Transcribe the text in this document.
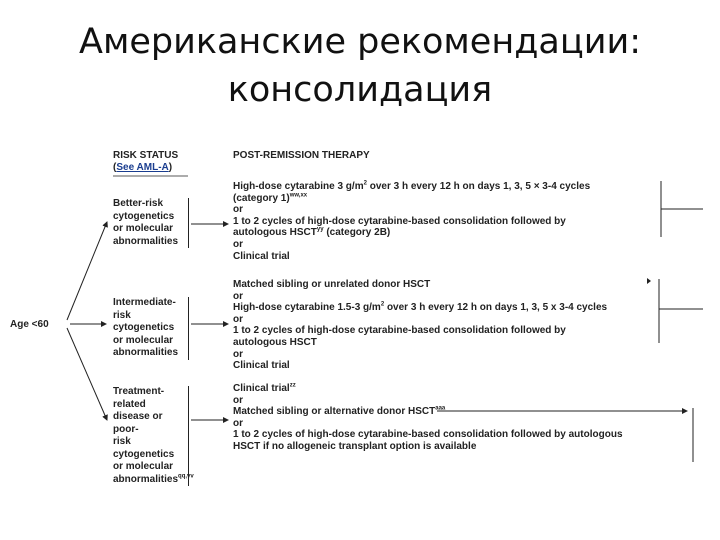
Американские рекомендации:
консолидация
RISK STATUS
(See AML-A)
POST-REMISSION THERAPY
Age <60
Better-risk
cytogenetics
or molecular
abnormalities
High-dose cytarabine 3 $g/m^2$ over 3 h every 12 h on days 1, 3, 5 × 3-4 cycles
(category 1)$^{ww,xx}$
or
1 to 2 cycles of high-dose cytarabine-based consolidation followed by
autologous $HSCT^{yy}$ (category 2B)
or
Clinical trial
Intermediate-risk
cytogenetics
or molecular
abnormalities
Matched sibling or unrelated donor HSCT
or
High-dose cytarabine 1.5-3 $g/m^2$ over 3 h every 12 h on days 1, 3, 5 x 3-4 cycles
or
1 to 2 cycles of high-dose cytarabine-based consolidation followed by
autologous HSCT
or
Clinical trial
Treatment-related
disease or poor-
risk cytogenetics
or molecular
abnormalities$^{qq,vv}$
Clinical trial$^{zz}$
or
Matched sibling or alternative donor $HSCT^{aaa}$
or
1 to 2 cycles of high-dose cytarabine-based consolidation followed by autologous
HSCT if no allogeneic transplant option is available
